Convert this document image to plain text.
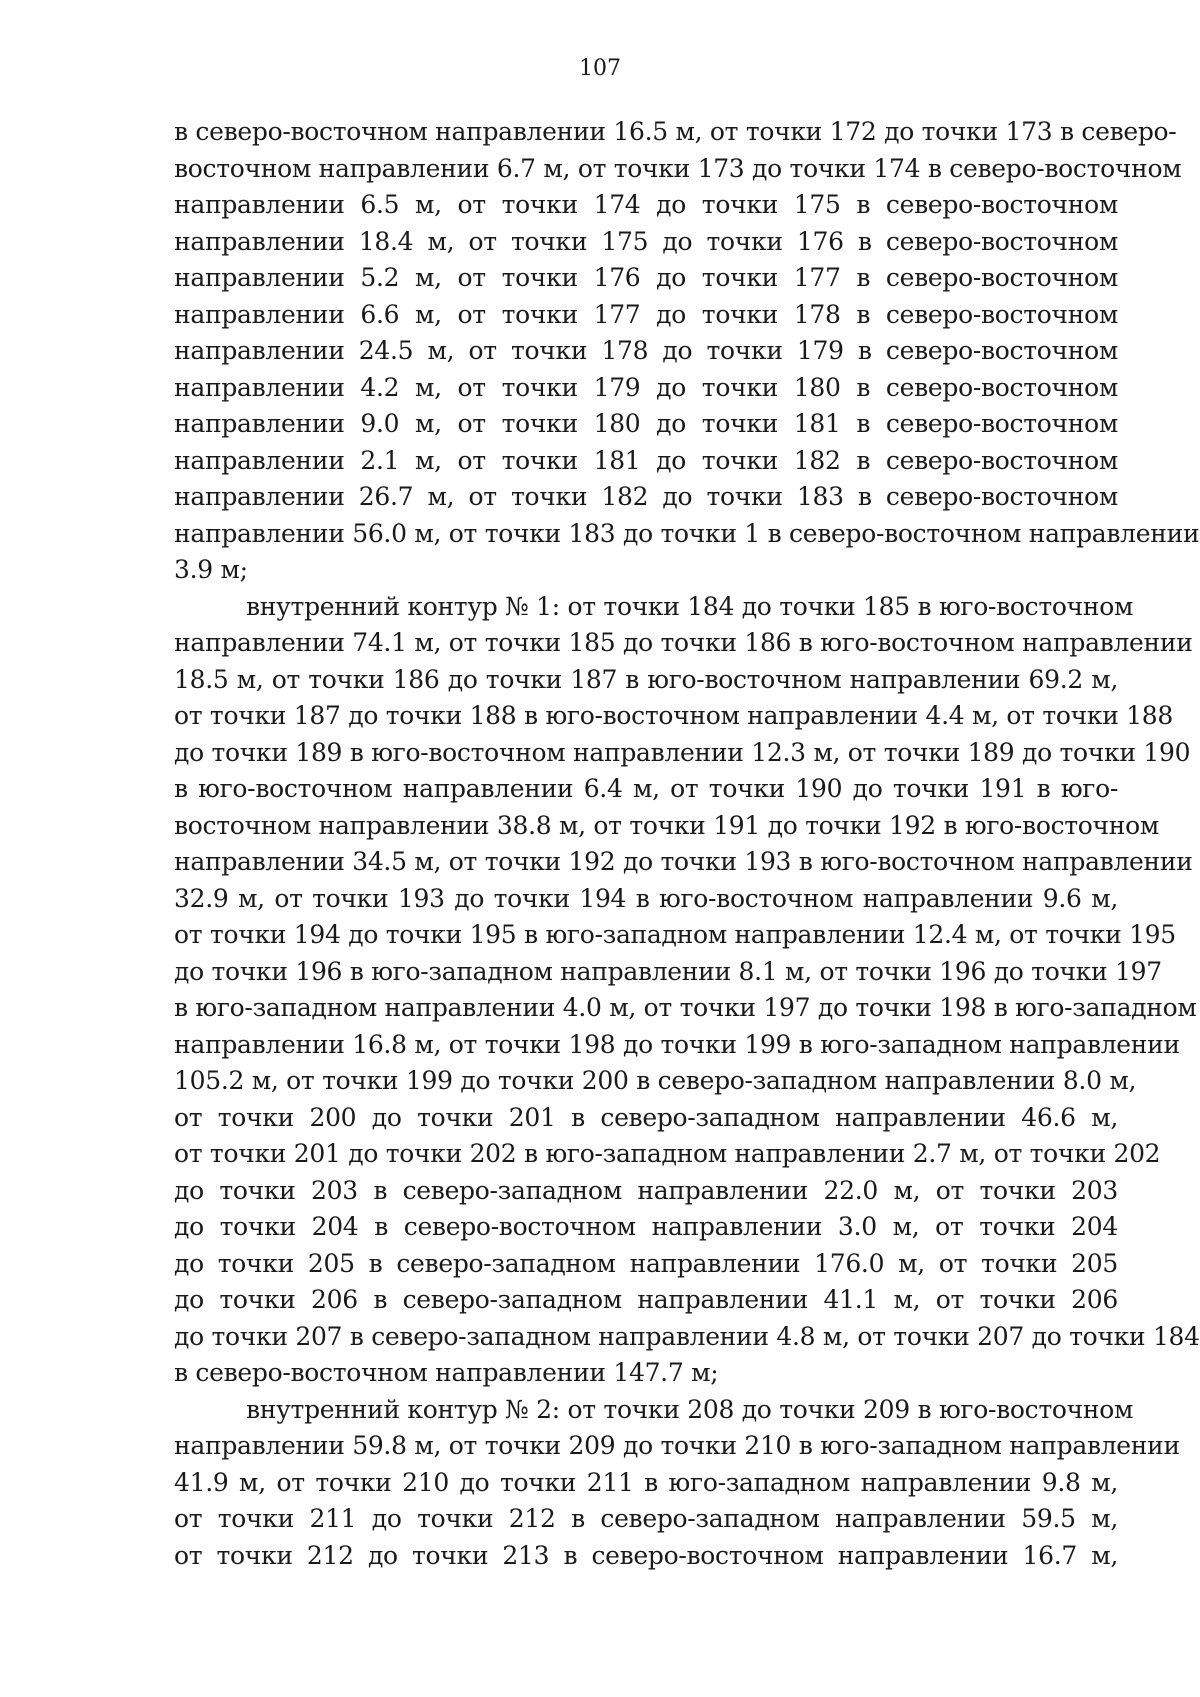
107
в северо-восточном направлении 16.5 м, от точки 172 до точки 173 в северо-
восточном направлении 6.7 м, от точки 173 до точки 174 в северо-восточном
направлении 6.5 м, от точки 174 до точки 175 в северо-восточном
направлении 18.4 м, от точки 175 до точки 176 в северо-восточном
направлении 5.2 м, от точки 176 до точки 177 в северо-восточном
направлении 6.6 м, от точки 177 до точки 178 в северо-восточном
направлении 24.5 м, от точки 178 до точки 179 в северо-восточном
направлении 4.2 м, от точки 179 до точки 180 в северо-восточном
направлении 9.0 м, от точки 180 до точки 181 в северо-восточном
направлении 2.1 м, от точки 181 до точки 182 в северо-восточном
направлении 26.7 м, от точки 182 до точки 183 в северо-восточном
направлении 56.0 м, от точки 183 до точки 1 в северо-восточном направлении
3.9 м;
внутренний контур № 1: от точки 184 до точки 185 в юго-восточном
направлении 74.1 м, от точки 185 до точки 186 в юго-восточном направлении
18.5 м, от точки 186 до точки 187 в юго-восточном направлении 69.2 м,
от точки 187 до точки 188 в юго-восточном направлении 4.4 м, от точки 188
до точки 189 в юго-восточном направлении 12.3 м, от точки 189 до точки 190
в юго-восточном направлении 6.4 м, от точки 190 до точки 191 в юго-
восточном направлении 38.8 м, от точки 191 до точки 192 в юго-восточном
направлении 34.5 м, от точки 192 до точки 193 в юго-восточном направлении
32.9 м, от точки 193 до точки 194 в юго-восточном направлении 9.6 м,
от точки 194 до точки 195 в юго-западном направлении 12.4 м, от точки 195
до точки 196 в юго-западном направлении 8.1 м, от точки 196 до точки 197
в юго-западном направлении 4.0 м, от точки 197 до точки 198 в юго-западном
направлении 16.8 м, от точки 198 до точки 199 в юго-западном направлении
105.2 м, от точки 199 до точки 200 в северо-западном направлении 8.0 м,
от точки 200 до точки 201 в северо-западном направлении 46.6 м,
от точки 201 до точки 202 в юго-западном направлении 2.7 м, от точки 202
до точки 203 в северо-западном направлении 22.0 м, от точки 203
до точки 204 в северо-восточном направлении 3.0 м, от точки 204
до точки 205 в северо-западном направлении 176.0 м, от точки 205
до точки 206 в северо-западном направлении 41.1 м, от точки 206
до точки 207 в северо-западном направлении 4.8 м, от точки 207 до точки 184
в северо-восточном направлении 147.7 м;
внутренний контур № 2: от точки 208 до точки 209 в юго-восточном
направлении 59.8 м, от точки 209 до точки 210 в юго-западном направлении
41.9 м, от точки 210 до точки 211 в юго-западном направлении 9.8 м,
от точки 211 до точки 212 в северо-западном направлении 59.5 м,
от точки 212 до точки 213 в северо-восточном направлении 16.7 м,
